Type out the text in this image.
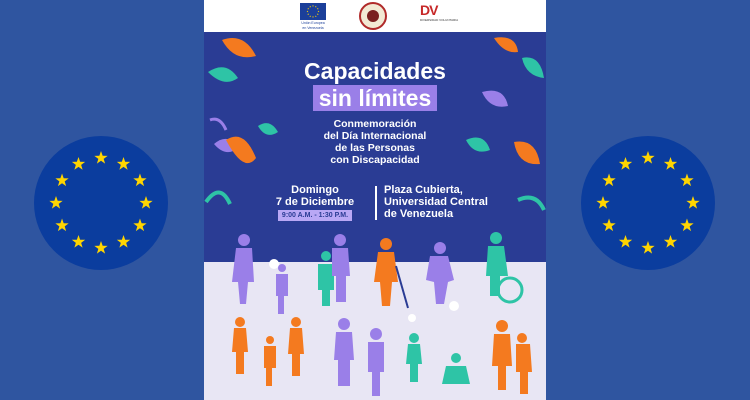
Unión Europea
en Venezuela
DV
DIVERSIDAD VOLUNTARIA
Capacidades
sin límites
Conmemoración
del Día Internacional
de las Personas
con Discapacidad
Domingo
7 de Diciembre
9:00 A.M. - 1:30 P.M.
Plaza Cubierta,
Universidad Central
de Venezuela
